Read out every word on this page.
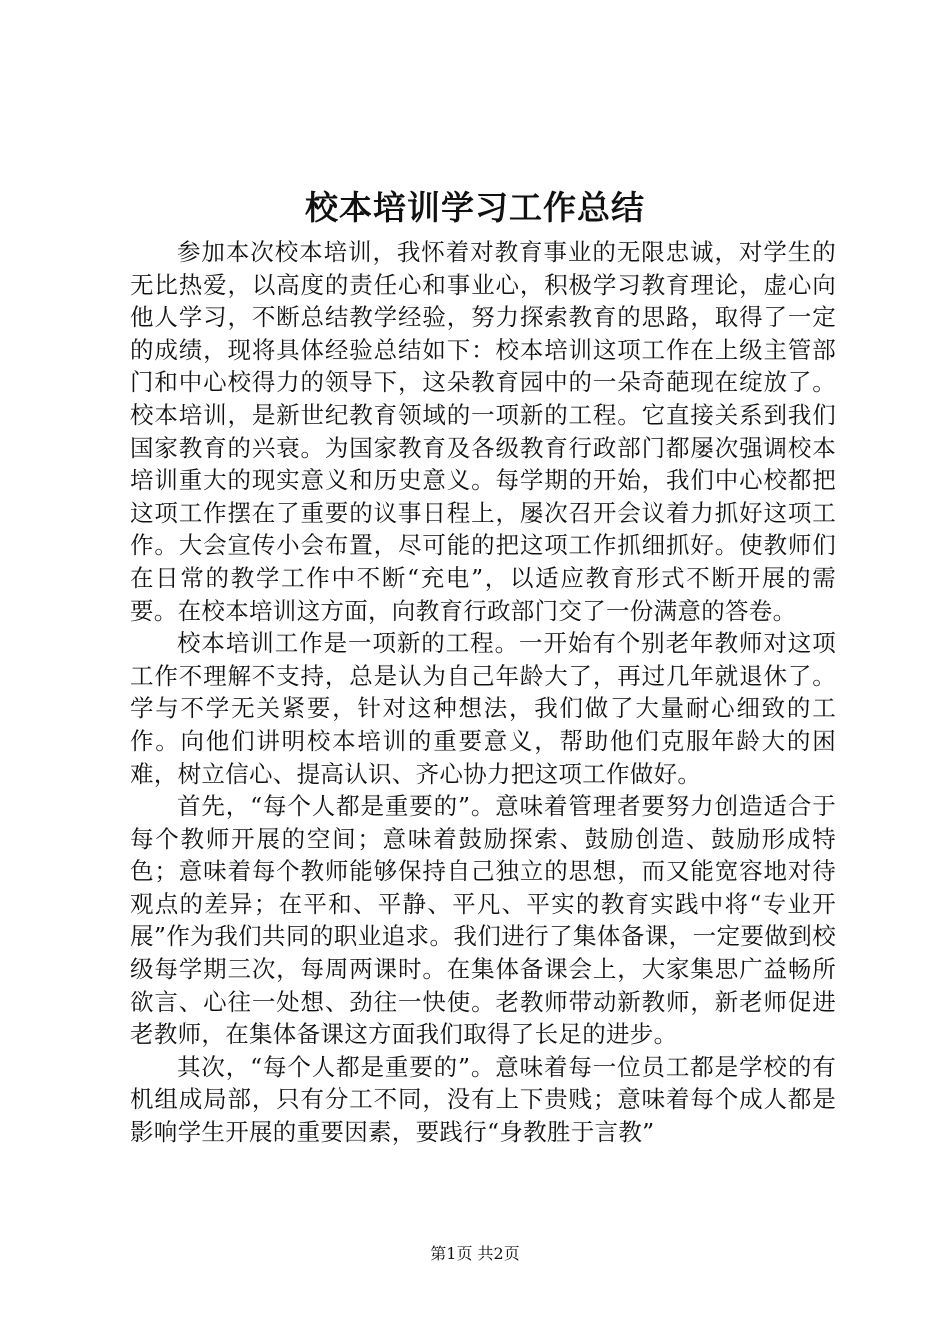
校本培训学习工作总结

参加本次校本培训，我怀着对教育事业的无限忠诚，对学生的无比热爱，以高度的责任心和事业心，积极学习教育理论，虚心向他人学习，不断总结教学经验，努力探索教育的思路，取得了一定的成绩，现将具体经验总结如下：校本培训这项工作在上级主管部门和中心校得力的领导下，这朵教育园中的一朵奇葩现在绽放了。校本培训，是新世纪教育领域的一项新的工程。它直接关系到我们国家教育的兴衰。为国家教育及各级教育行政部门都屡次强调校本培训重大的现实意义和历史意义。每学期的开始，我们中心校都把这项工作摆在了重要的议事日程上，屡次召开会议着力抓好这项工作。大会宣传小会布置，尽可能的把这项工作抓细抓好。使教师们在日常的教学工作中不断“充电”，以适应教育形式不断开展的需要。在校本培训这方面，向教育行政部门交了一份满意的答卷。

校本培训工作是一项新的工程。一开始有个别老年教师对这项工作不理解不支持，总是认为自己年龄大了，再过几年就退休了。学与不学无关紧要，针对这种想法，我们做了大量耐心细致的工作。向他们讲明校本培训的重要意义，帮助他们克服年龄大的困难，树立信心、提高认识、齐心协力把这项工作做好。

首先，“每个人都是重要的”。意味着管理者要努力创造适合于每个教师开展的空间；意味着鼓励探索、鼓励创造、鼓励形成特色；意味着每个教师能够保持自己独立的思想，而又能宽容地对待观点的差异；在平和、平静、平凡、平实的教育实践中将“专业开展”作为我们共同的职业追求。我们进行了集体备课，一定要做到校级每学期三次，每周两课时。在集体备课会上，大家集思广益畅所欲言、心往一处想、劲往一快使。老教师带动新教师，新老师促进老教师，在集体备课这方面我们取得了长足的进步。

其次，“每个人都是重要的”。意味着每一位员工都是学校的有机组成局部，只有分工不同，没有上下贵贱；意味着每个成人都是影响学生开展的重要因素，要践行“身教胜于言教”

第1页 共2页
